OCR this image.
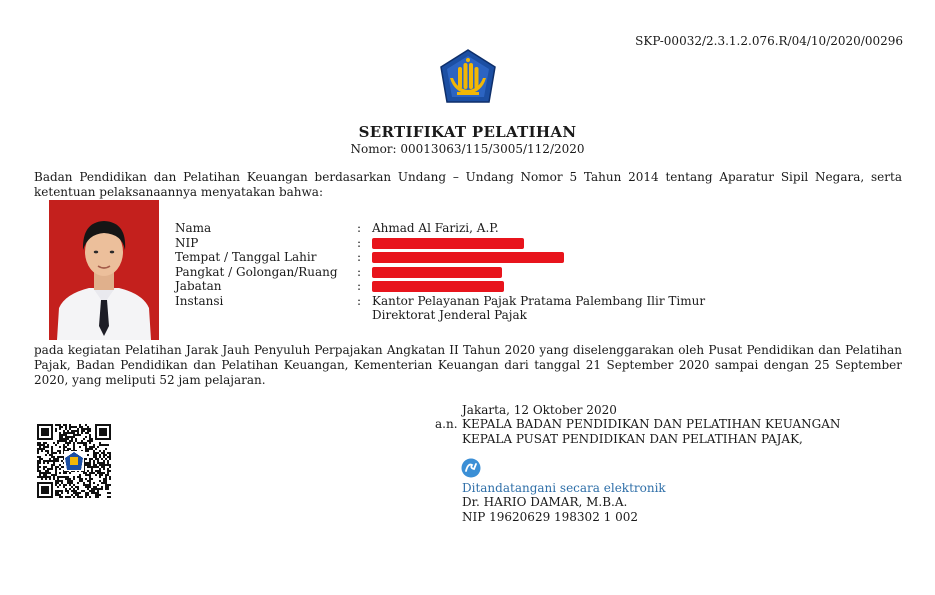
SKP-00032/2.3.1.2.076.R/04/10/2020/00296
SERTIFIKAT PELATIHAN
Nomor: 00013063/115/3005/112/2020
Badan Pendidikan dan Pelatihan Keuangan berdasarkan Undang – Undang Nomor 5 Tahun 2014 tentang Aparatur Sipil Negara, serta ketentuan pelaksanaannya menyatakan bahwa:
Nama	: Ahmad Al Farizi, A.P.
NIP	:
Tempat / Tanggal Lahir	:
Pangkat / Golongan/Ruang	:
Jabatan	:
Instansi	: Kantor Pelayanan Pajak Pratama Palembang Ilir Timur
Direktorat Jenderal Pajak
pada kegiatan Pelatihan Jarak Jauh Penyuluh Perpajakan Angkatan II Tahun 2020 yang diselenggarakan oleh Pusat Pendidikan dan Pelatihan Pajak, Badan Pendidikan dan Pelatihan Keuangan, Kementerian Keuangan dari tanggal 21 September 2020 sampai dengan 25 September 2020, yang meliputi 52 jam pelajaran.
Jakarta, 12 Oktober 2020
a.n. KEPALA BADAN PENDIDIKAN DAN PELATIHAN KEUANGAN

KEPALA PUSAT PENDIDIKAN DAN PELATIHAN PAJAK,
Ditandatangani secara elektronik
Dr. HARIO DAMAR, M.B.A.
NIP 19620629 198302 1 002
